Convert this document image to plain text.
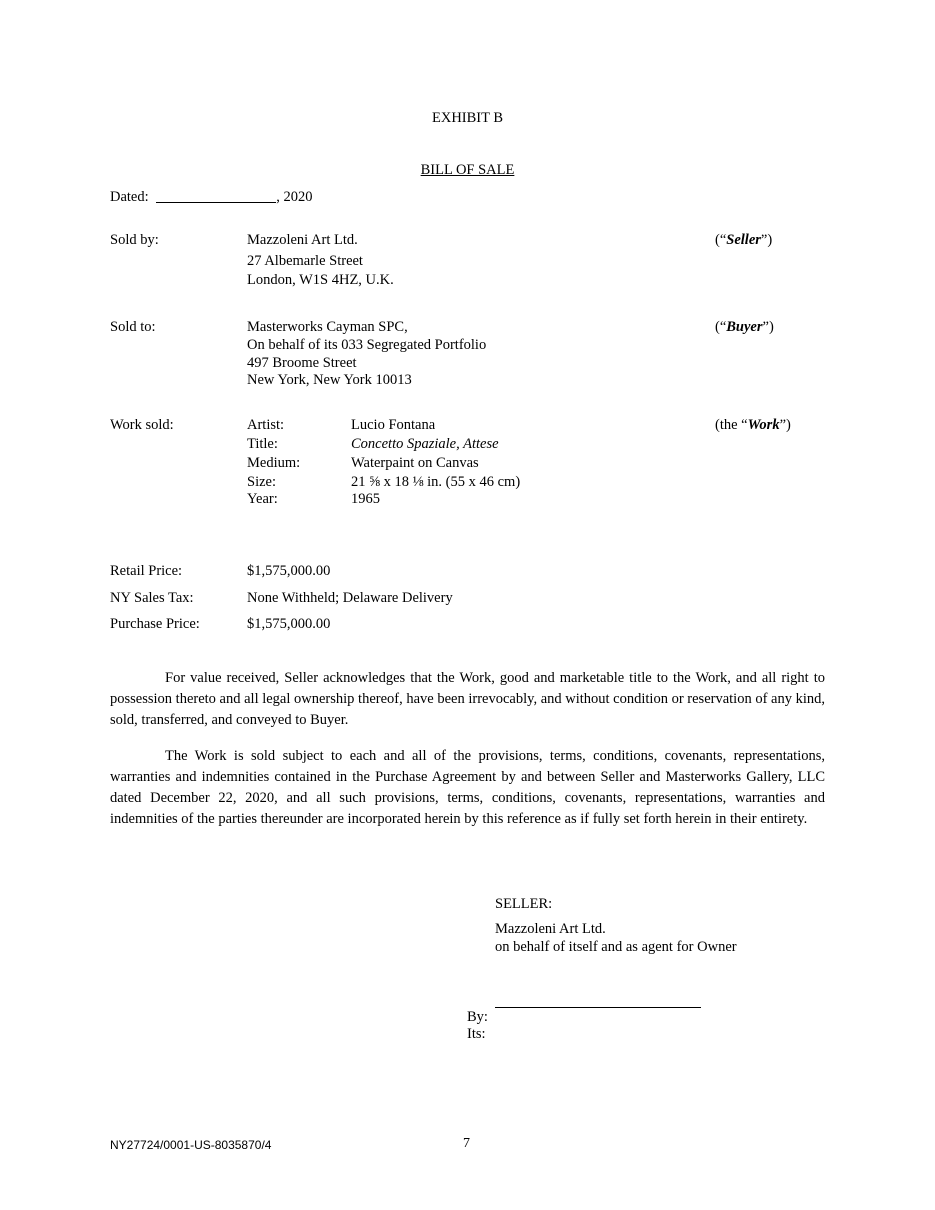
EXHIBIT B
BILL OF SALE
Dated:	, 2020
Sold by:	Mazzoleni Art Ltd.
27 Albemarle Street
London, W1S 4HZ, U.K.
(“Seller”)
Sold to:	Masterworks Cayman SPC,
On behalf of its 033 Segregated Portfolio
497 Broome Street
New York, New York 10013
(“Buyer”)
Work sold:	Artist:	Lucio Fontana
Title:	Concetto Spaziale, Attese
Medium:	Waterpaint on Canvas
Size:	21 ⅝ x 18 ⅛ in. (55 x 46 cm)
Year:	1965
(the “Work”)
Retail Price:	$1,575,000.00
NY Sales Tax:	None Withheld; Delaware Delivery
Purchase Price:	$1,575,000.00
For value received, Seller acknowledges that the Work, good and marketable title to the Work, and all right to possession thereto and all legal ownership thereof, have been irrevocably, and without condition or reservation of any kind, sold, transferred, and conveyed to Buyer.
The Work is sold subject to each and all of the provisions, terms, conditions, covenants, representations, warranties and indemnities contained in the Purchase Agreement by and between Seller and Masterworks Gallery, LLC dated December 22, 2020, and all such provisions, terms, conditions, covenants, representations, warranties and indemnities of the parties thereunder are incorporated herein by this reference as if fully set forth herein in their entirety.
SELLER:
Mazzoleni Art Ltd.
on behalf of itself and as agent for Owner
By:
Its:
NY27724/0001-US-8035870/4	7
